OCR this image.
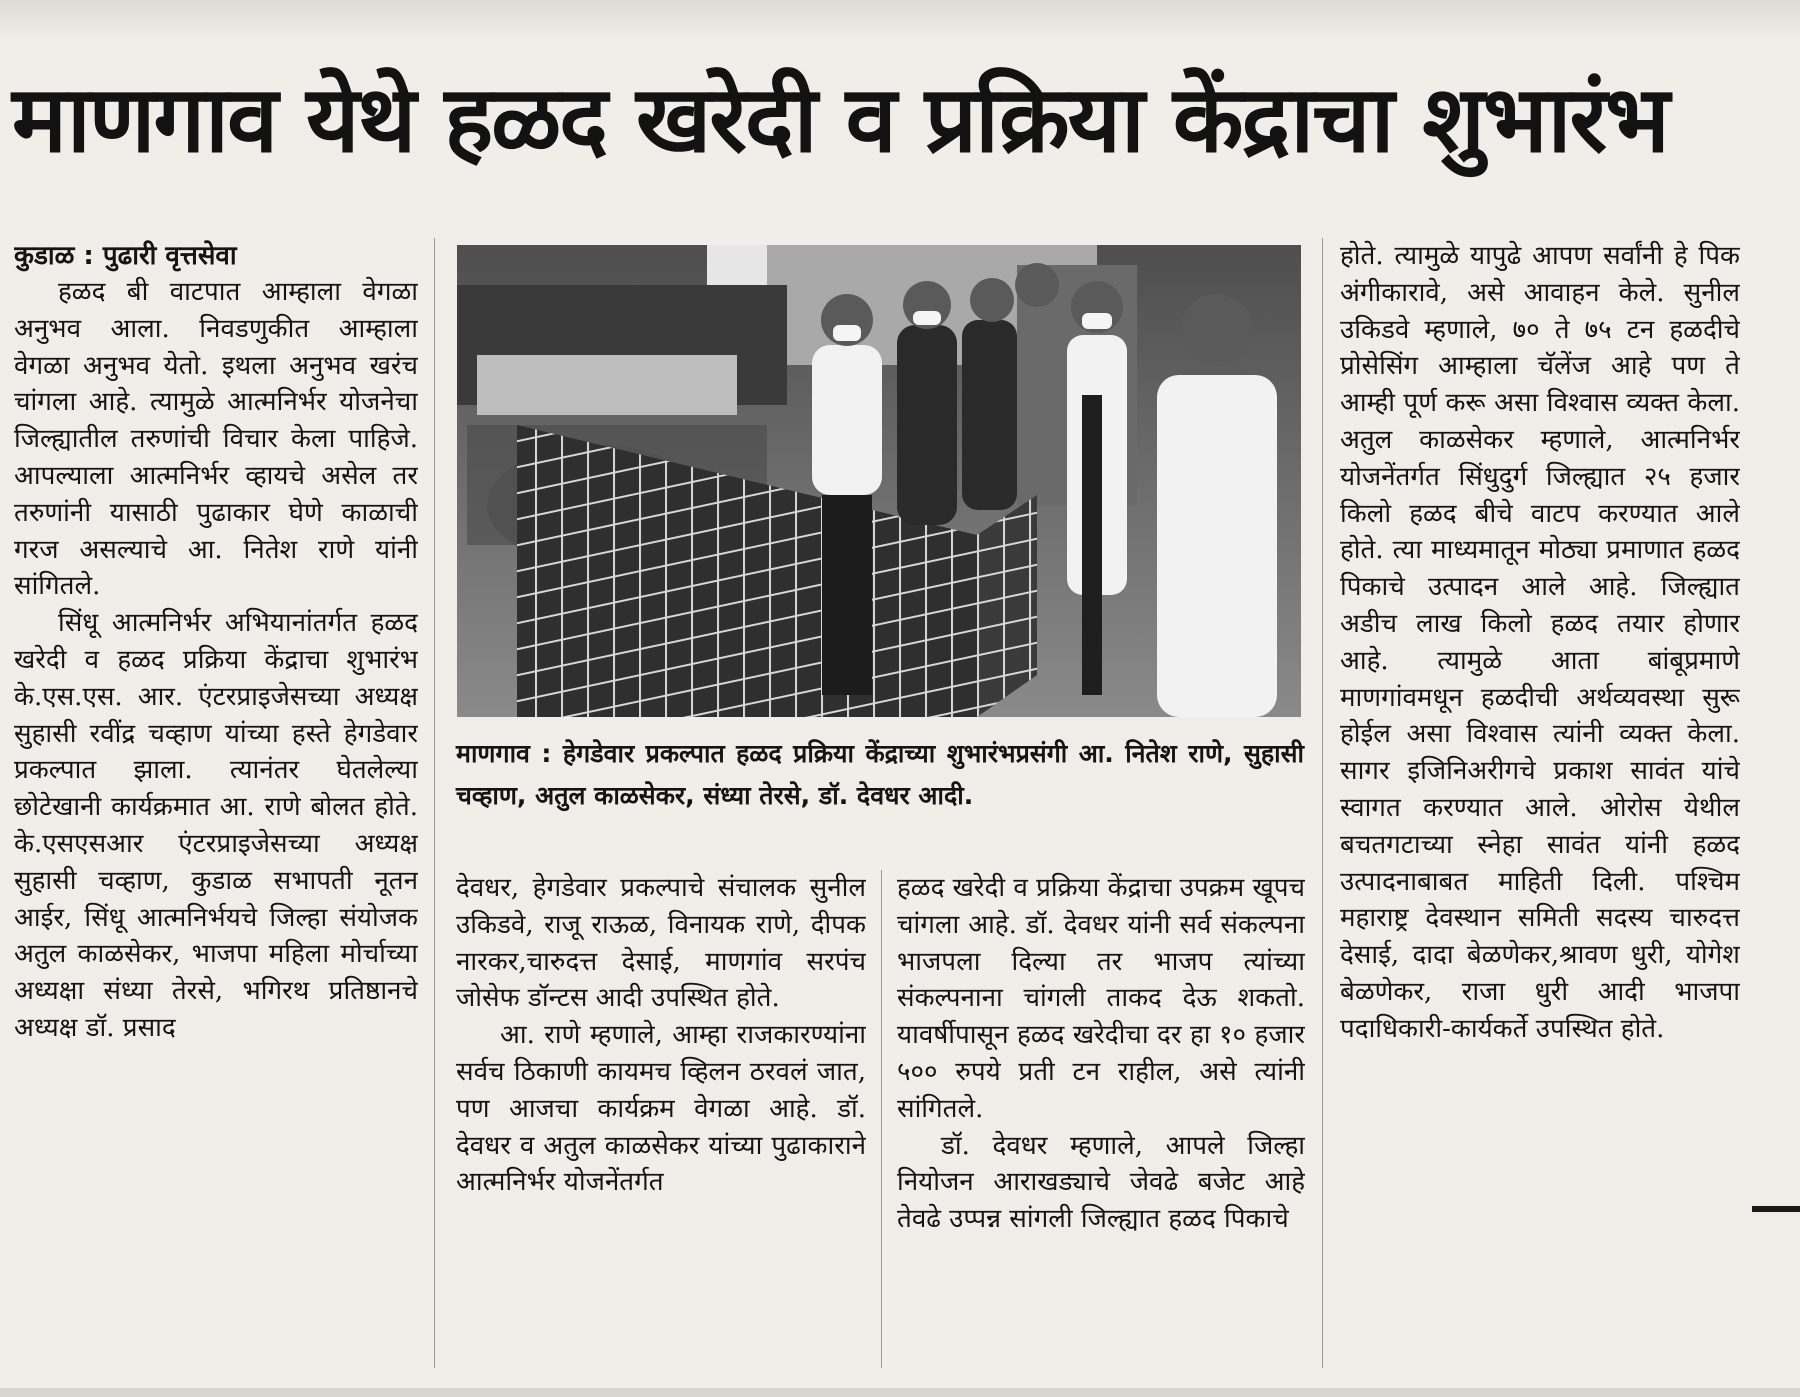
माणगाव येथे हळद खरेदी व प्रक्रिया केंद्राचा शुभारंभ
कुडाळ : पुढारी वृत्तसेवा

हळद बी वाटपात आम्हाला वेगळा अनुभव आला. निवडणुकीत आम्हाला वेगळा अनुभव येतो. इथला अनुभव खरंच चांगला आहे. त्यामुळे आत्मनिर्भर योजनेचा जिल्ह्यातील तरुणांची विचार केला पाहिजे. आपल्याला आत्मनिर्भर व्हायचे असेल तर तरुणांनी यासाठी पुढाकार घेणे काळाची गरज असल्याचे आ. नितेश राणे यांनी सांगितले.

सिंधू आत्मनिर्भर अभियानांतर्गत हळद खरेदी व हळद प्रक्रिया केंद्राचा शुभारंभ के.एस.एस. आर. एंटरप्राइजेसच्या अध्यक्ष सुहासी रवींद्र चव्हाण यांच्या हस्ते हेगडेवार प्रकल्पात झाला. त्यानंतर घेतलेल्या छोटेखानी कार्यक्रमात आ. राणे बोलत होते. के.एसएसआर एंटरप्राइजेसच्या अध्यक्ष सुहासी चव्हाण, कुडाळ सभापती नूतन आईर, सिंधू आत्मनिर्भयचे जिल्हा संयोजक अतुल काळसेकर, भाजपा महिला मोर्चाच्या अध्यक्षा संध्या तेरसे, भगिरथ प्रतिष्ठानचे अध्यक्ष डॉ. प्रसाद

माणगाव : हेगडेवार प्रकल्पात हळद प्रक्रिया केंद्राच्या शुभारंभप्रसंगी आ. नितेश राणे, सुहासी चव्हाण, अतुल काळसेकर, संध्या तेरसे, डॉ. देवधर आदी.

देवधर, हेगडेवार प्रकल्पाचे संचालक सुनील उकिडवे, राजू राऊळ, विनायक राणे, दीपक नारकर,चारुदत्त देसाई, माणगांव सरपंच जोसेफ डॉन्टस आदी उपस्थित होते.

आ. राणे म्हणाले, आम्हा राजकारण्यांना सर्वच ठिकाणी कायमच व्हिलन ठरवलं जात, पण आजचा कार्यक्रम वेगळा आहे. डॉ. देवधर व अतुल काळसेकर यांच्या पुढाकाराने आत्मनिर्भर योजनेंतर्गत

हळद खरेदी व प्रक्रिया केंद्राचा उपक्रम खूपच चांगला आहे. डॉ. देवधर यांनी सर्व संकल्पना भाजपला दिल्या तर भाजप त्यांच्या संकल्पनाना चांगली ताकद देऊ शकतो. यावर्षीपासून हळद खरेदीचा दर हा १० हजार ५०० रुपये प्रती टन राहील, असे त्यांनी सांगितले.

डॉ. देवधर म्हणाले, आपले जिल्हा नियोजन आराखड्याचे जेवढे बजेट आहे तेवढे उप्पन्न सांगली जिल्ह्यात हळद पिकाचे

होते. त्यामुळे यापुढे आपण सर्वांनी हे पिक अंगीकारावे, असे आवाहन केले. सुनील उकिडवे म्हणाले, ७० ते ७५ टन हळदीचे प्रोसेसिंग आम्हाला चॅलेंज आहे पण ते आम्ही पूर्ण करू असा विश्वास व्यक्त केला. अतुल काळसेकर म्हणाले, आत्मनिर्भर योजनेंतर्गत सिंधुदुर्ग जिल्ह्यात २५ हजार किलो हळद बीचे वाटप करण्यात आले होते. त्या माध्यमातून मोठ्या प्रमाणात हळद पिकाचे उत्पादन आले आहे. जिल्ह्यात अडीच लाख किलो हळद तयार होणार आहे. त्यामुळे आता बांबूप्रमाणे माणगांवमधून हळदीची अर्थव्यवस्था सुरू होईल असा विश्वास त्यांनी व्यक्त केला. सागर इजिनिअरीगचे प्रकाश सावंत यांचे स्वागत करण्यात आले. ओरोस येथील बचतगटाच्या स्नेहा सावंत यांनी हळद उत्पादनाबाबत माहिती दिली. पश्चिम महाराष्ट्र देवस्थान समिती सदस्य चारुदत्त देसाई, दादा बेळणेकर,श्रावण धुरी, योगेश बेळणेकर, राजा धुरी आदी भाजपा पदाधिकारी-कार्यकर्ते उपस्थित होते.
